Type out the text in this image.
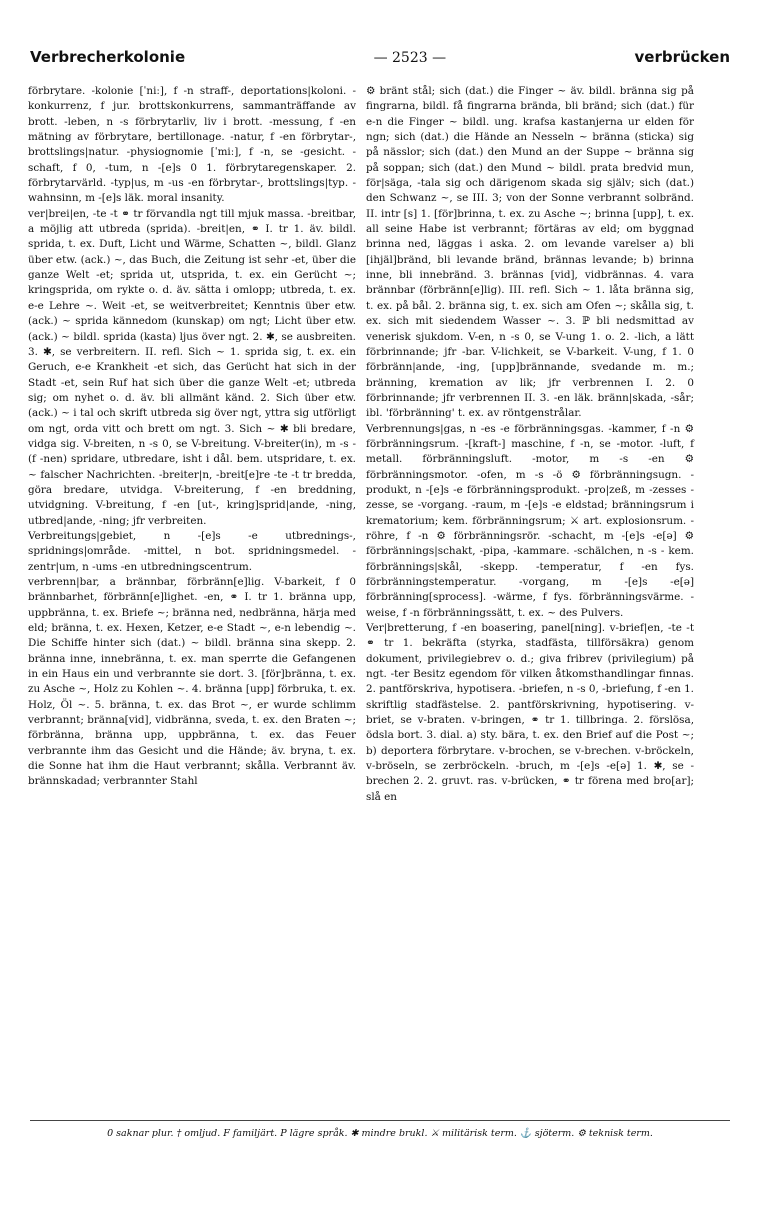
Verbrecherkolonie	— 2523 —	verbrücken

förbrytare. -kolonie [ˈniː], f -n straff-, deportations|koloni. -konkurrenz, f jur. brottskonkurrens, sammanträffande av brott. -leben, n -s förbrytarliv, liv i brott. -messung, f -en mätning av förbrytare, bertillonage. -natur, f -en förbrytar-, brottslings|natur. -physiognomie [ˈmiː], f -n, se -gesicht. -schaft, f 0, -tum, n -[e]s 0 1. förbrytaregenskaper. 2. förbrytarvärld. -typ|us, m -us -en förbrytar-, brottslings|typ. -wahnsinn, m -[e]s läk. moral insanity.

ver|brei|en, -te -t ⚭ tr förvandla ngt till mjuk massa. -breitbar, a möjlig att utbreda (sprida). -breit|en, ⚭ I. tr 1. äv. bildl. sprida, t. ex. Duft, Licht und Wärme, Schatten ~, bildl. Glanz über etw. (ack.) ~, das Buch, die Zeitung ist sehr -et, über die ganze Welt -et; sprida ut, utsprida, t. ex. ein Gerücht ~; kringsprida, om rykte o. d. äv. sätta i omlopp; utbreda, t. ex. e-e Lehre ~. Weit -et, se weitverbreitet; Kenntnis über etw. (ack.) ~ sprida kännedom (kunskap) om ngt; Licht über etw. (ack.) ~ bildl. sprida (kasta) ljus över ngt. 2. ✱, se ausbreiten. 3. ✱, se verbreitern. II. refl. Sich ~ 1. sprida sig, t. ex. ein Geruch, e-e Krankheit -et sich, das Gerücht hat sich in der Stadt -et, sein Ruf hat sich über die ganze Welt -et; utbreda sig; om nyhet o. d. äv. bli allmänt känd. 2. Sich über etw. (ack.) ~ i tal och skrift utbreda sig över ngt, yttra sig utförligt om ngt, orda vitt och brett om ngt. 3. Sich ~ ✱ bli bredare, vidga sig. V-breiten, n -s 0, se V-breitung. V-breiter(in), m -s - (f -nen) spridare, utbredare, isht i dål. bem. utspridare, t. ex. ~ falscher Nachrichten. -breiter|n, -breit[e]re -te -t tr bredda, göra bredare, utvidga. V-breiterung, f -en breddning, utvidgning. V-breitung, f -en [ut-, kring]sprid|ande, -ning, utbred|ande, -ning; jfr verbreiten.

Verbreitungs|gebiet, n -[e]s -e utbrednings-, spridnings|område. -mittel, n bot. spridningsmedel. -zentr|um, n -ums -en utbredningscentrum.

verbrenn|bar, a brännbar, förbränn[e]lig. V-barkeit, f 0 brännbarhet, förbränn[e]lighet. -en, ⚭ I. tr 1. bränna upp, uppbränna, t. ex. Briefe ~; bränna ned, nedbränna, härja med eld; bränna, t. ex. Hexen, Ketzer, e-e Stadt ~, e-n lebendig ~. Die Schiffe hinter sich (dat.) ~ bildl. bränna sina skepp. 2. bränna inne, innebränna, t. ex. man sperrte die Gefangenen in ein Haus ein und verbrannte sie dort. 3. [för]bränna, t. ex. zu Asche ~, Holz zu Kohlen ~. 4. bränna [upp] förbruka, t. ex. Holz, Öl ~. 5. bränna, t. ex. das Brot ~, er wurde schlimm verbrannt; bränna[vid], vidbränna, sveda, t. ex. den Braten ~; förbränna, bränna upp, uppbränna, t. ex. das Feuer verbrannte ihm das Gesicht und die Hände; äv. bryna, t. ex. die Sonne hat ihm die Haut verbrannt; skålla. Verbrannt äv. brännskadad; verbrannter Stahl

⚙ bränt stål; sich (dat.) die Finger ~ äv. bildl. bränna sig på fingrarna, bildl. få fingrarna brända, bli bränd; sich (dat.) für e-n die Finger ~ bildl. ung. krafsa kastanjerna ur elden för ngn; sich (dat.) die Hände an Nesseln ~ bränna (sticka) sig på nässlor; sich (dat.) den Mund an der Suppe ~ bränna sig på soppan; sich (dat.) den Mund ~ bildl. prata bredvid mun, för|säga, -tala sig och därigenom skada sig själv; sich (dat.) den Schwanz ~, se III. 3; von der Sonne verbrannt solbränd. II. intr [s] 1. [för]brinna, t. ex. zu Asche ~; brinna [upp], t. ex. all seine Habe ist verbrannt; förtäras av eld; om byggnad brinna ned, läggas i aska. 2. om levande varelser a) bli [ihjäl]bränd, bli levande bränd, brännas levande; b) brinna inne, bli innebränd. 3. brännas [vid], vidbrännas. 4. vara brännbar (förbränn[e]lig). III. refl. Sich ~ 1. låta bränna sig, t. ex. på bål. 2. bränna sig, t. ex. sich am Ofen ~; skålla sig, t. ex. sich mit siedendem Wasser ~. 3. ℙ bli nedsmittad av venerisk sjukdom. V-en, n -s 0, se V-ung 1. o. 2. -lich, a lätt förbrinnande; jfr -bar. V-lichkeit, se V-barkeit. V-ung, f 1. 0 förbränn|ande, -ing, [upp]brännande, svedande m. m.; bränning, kremation av lik; jfr verbrennen I. 2. 0 förbrinnande; jfr verbrennen II. 3. -en läk. bränn|skada, -sår; ibl. 'förbränning' t. ex. av röntgenstrålar.

Verbrennungs|gas, n -es -e förbränningsgas. -kammer, f -n ⚙ förbränningsrum. -[kraft-] maschine, f -n, se -motor. -luft, f metall. förbränningsluft. -motor, m -s -en ⚙ förbränningsmotor. -ofen, m -s -ö ⚙ förbränningsugn. -produkt, n -[e]s -e förbränningsprodukt. -pro|zeß, m -zesses -zesse, se -vorgang. -raum, m -[e]s -e eldstad; bränningsrum i krematorium; kem. förbränningsrum; ⚔ art. explosionsrum. -röhre, f -n ⚙ förbränningsrör. -schacht, m -[e]s -e[ǝ] ⚙ förbrännings|schakt, -pipa, -kammare. -schälchen, n -s - kem. förbrännings|skål, -skepp. -temperatur, f -en fys. förbränningstemperatur. -vorgang, m -[e]s -e[ǝ] förbränning[sprocess]. -wärme, f fys. förbränningsvärme. -weise, f -n förbränningssätt, t. ex. ~ des Pulvers.

Ver|bretterung, f -en boasering, panel[ning]. v-brief|en, -te -t ⚭ tr 1. bekräfta (styrka, stadfästa, tillförsäkra) genom dokument, privilegiebrev o. d.; giva fribrev (privilegium) på ngt. -ter Besitz egendom för vilken åtkomsthandlingar finnas. 2. pantförskriva, hypotisera. -briefen, n -s 0, -briefung, f -en 1. skriftlig stadfästelse. 2. pantförskrivning, hypotisering. v-briet, se v-braten. v-bringen, ⚭ tr 1. tillbringa. 2. förslösa, ödsla bort. 3. dial. a) sty. bära, t. ex. den Brief auf die Post ~; b) deportera förbrytare. v-brochen, se v-brechen. v-bröckeln, v-bröseln, se zerbröckeln. -bruch, m -[e]s -e[ǝ] 1. ✱, se -brechen 2. 2. gruvt. ras. v-brücken, ⚭ tr förena med bro[ar]; slå en

0 saknar plur. † omljud. F familjärt. P lägre språk. ✱ mindre brukl. ⚔ militärisk term. ⚓ sjöterm. ⚙ teknisk term.
